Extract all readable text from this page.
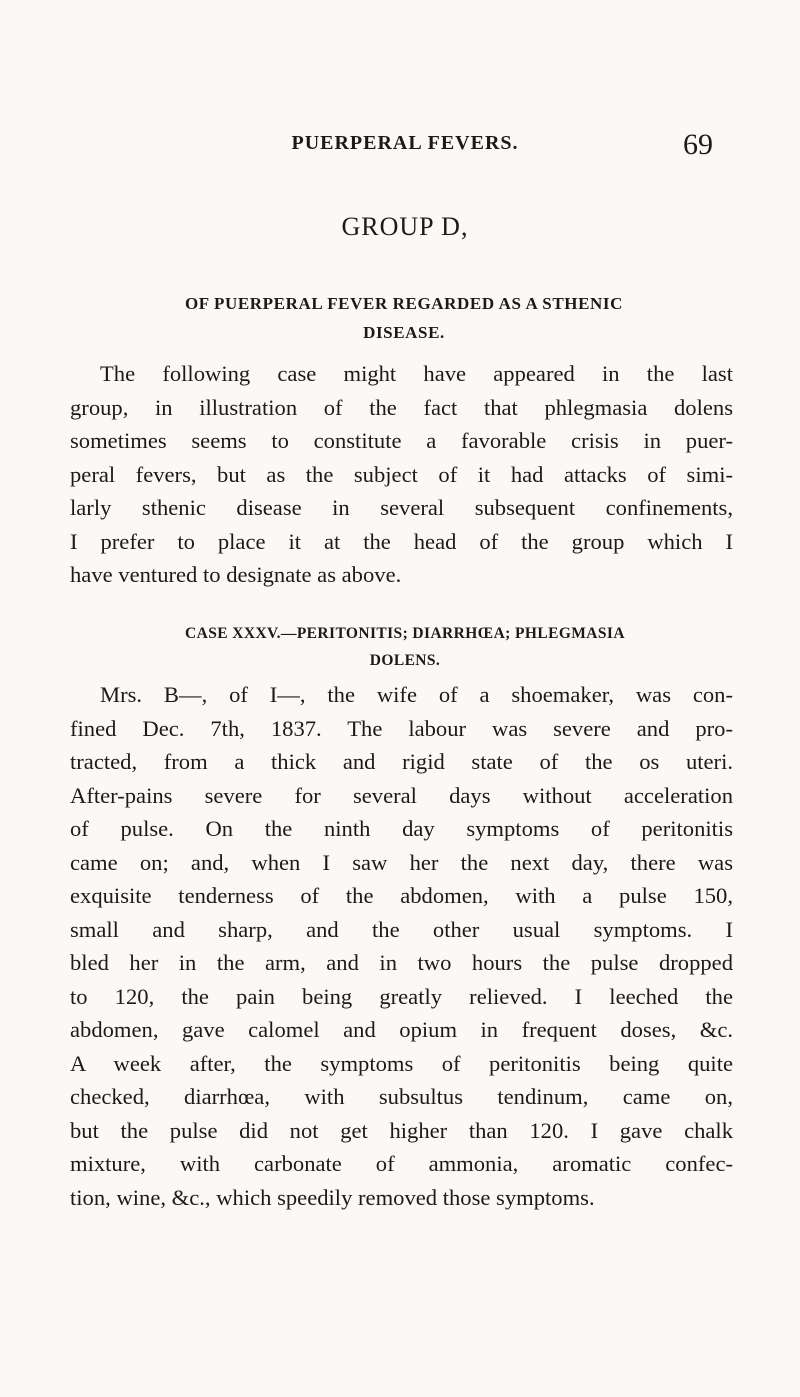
PUERPERAL FEVERS.	69
GROUP D,
OF PUERPERAL FEVER REGARDED AS A STHENIC
DISEASE.
The following case might have appeared in the last
group, in illustration of the fact that phlegmasia dolens
sometimes seems to constitute a favorable crisis in puer-
peral fevers, but as the subject of it had attacks of simi-
larly sthenic disease in several subsequent confinements,
I prefer to place it at the head of the group which I
have ventured to designate as above.
CASE XXXV.—PERITONITIS; DIARRHŒA; PHLEGMASIA
DOLENS.
Mrs. B—, of I—, the wife of a shoemaker, was con-
fined Dec. 7th, 1837. The labour was severe and pro-
tracted, from a thick and rigid state of the os uteri.
After-pains severe for several days without acceleration
of pulse. On the ninth day symptoms of peritonitis
came on; and, when I saw her the next day, there was
exquisite tenderness of the abdomen, with a pulse 150,
small and sharp, and the other usual symptoms. I
bled her in the arm, and in two hours the pulse dropped
to 120, the pain being greatly relieved. I leeched the
abdomen, gave calomel and opium in frequent doses, &c.
A week after, the symptoms of peritonitis being quite
checked, diarrhœa, with subsultus tendinum, came on,
but the pulse did not get higher than 120. I gave chalk
mixture, with carbonate of ammonia, aromatic confec-
tion, wine, &c., which speedily removed those symptoms.
